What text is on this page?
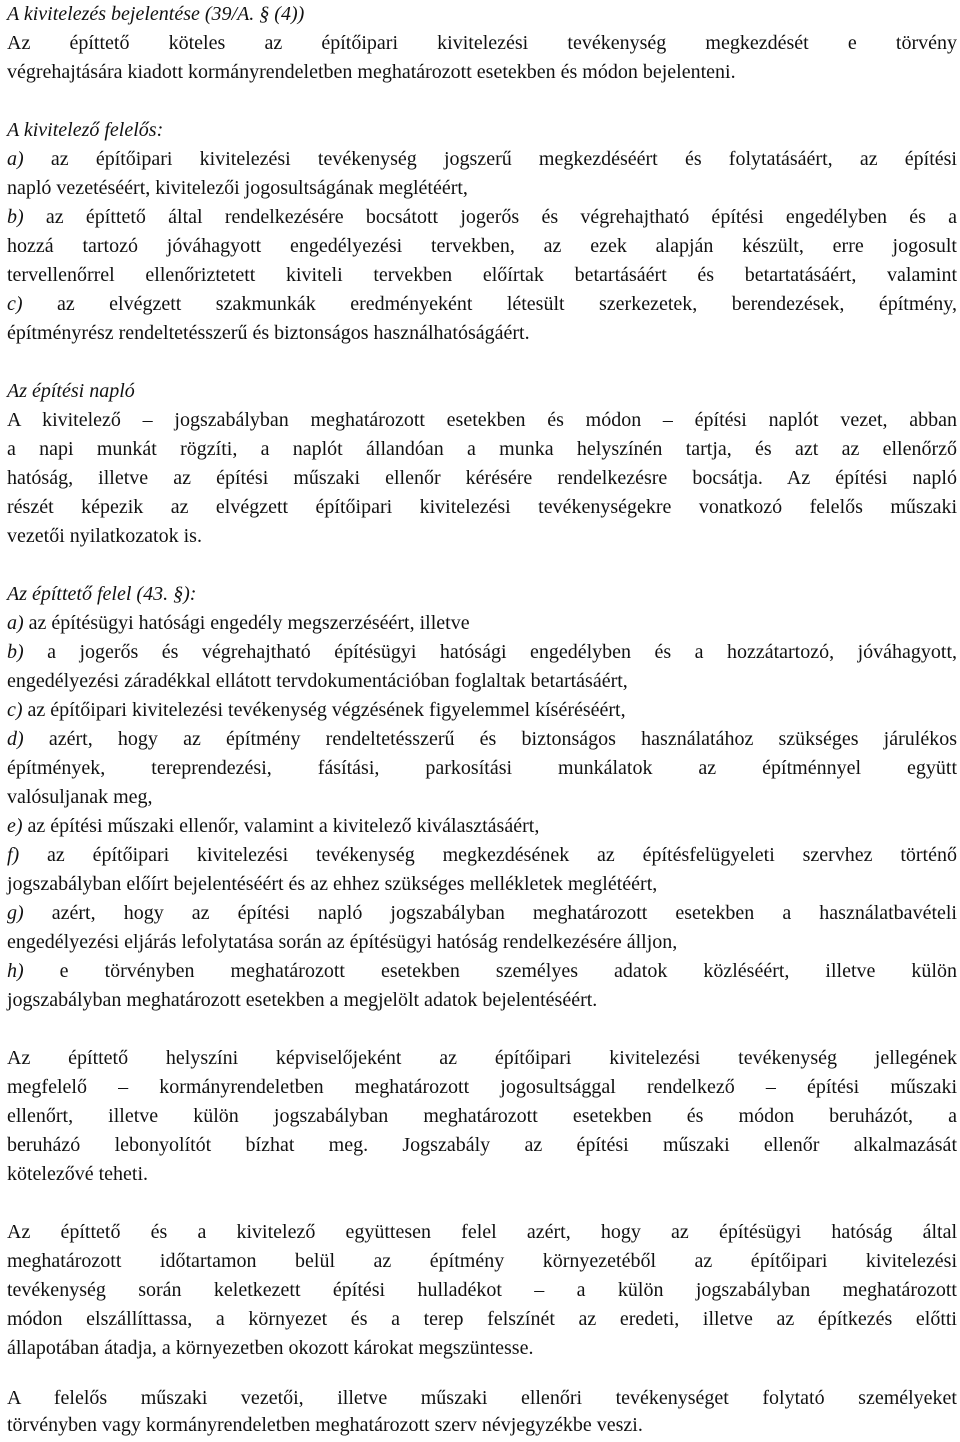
A kivitelezés bejelentése (39/A. § (4))
Az építtető köteles az építőipari kivitelezési tevékenység megkezdését e törvény
végrehajtására kiadott kormányrendeletben meghatározott esetekben és módon bejelenteni.
A kivitelező felelős:
a) az építőipari kivitelezési tevékenység jogszerű megkezdéséért és folytatásáért, az építési
napló vezetéséért, kivitelezői jogosultságának meglétéért,
b) az építtető által rendelkezésére bocsátott jogerős és végrehajtható építési engedélyben és a
hozzá tartozó jóváhagyott engedélyezési tervekben, az ezek alapján készült, erre jogosult
tervellenőrrel ellenőriztetett kiviteli tervekben előírtak betartásáért és betartatásáért, valamint
c) az elvégzett szakmunkák eredményeként létesült szerkezetek, berendezések, építmény,
építményrész rendeltetésszerű és biztonságos használhatóságáért.
Az építési napló
A kivitelező – jogszabályban meghatározott esetekben és módon – építési naplót vezet, abban
a napi munkát rögzíti, a naplót állandóan a munka helyszínén tartja, és azt az ellenőrző
hatóság, illetve az építési műszaki ellenőr kérésére rendelkezésre bocsátja. Az építési napló
részét képezik az elvégzett építőipari kivitelezési tevékenységekre vonatkozó felelős műszaki
vezetői nyilatkozatok is.
Az építtető felel (43. §):
a) az építésügyi hatósági engedély megszerzéséért, illetve
b) a jogerős és végrehajtható építésügyi hatósági engedélyben és a hozzátartozó, jóváhagyott,
engedélyezési záradékkal ellátott tervdokumentációban foglaltak betartásáért,
c) az építőipari kivitelezési tevékenység végzésének figyelemmel kíséréséért,
d) azért, hogy az építmény rendeltetésszerű és biztonságos használatához szükséges járulékos
építmények, tereprendezési, fásítási, parkosítási munkálatok az építménnyel együtt
valósuljanak meg,
e) az építési műszaki ellenőr, valamint a kivitelező kiválasztásáért,
f) az építőipari kivitelezési tevékenység megkezdésének az építésfelügyeleti szervhez történő
jogszabályban előírt bejelentéséért és az ehhez szükséges mellékletek meglétéért,
g) azért, hogy az építési napló jogszabályban meghatározott esetekben a használatbavételi
engedélyezési eljárás lefolytatása során az építésügyi hatóság rendelkezésére álljon,
h) e törvényben meghatározott esetekben személyes adatok közléséért, illetve külön
jogszabályban meghatározott esetekben a megjelölt adatok bejelentéséért.
Az építtető helyszíni képviselőjeként az építőipari kivitelezési tevékenység jellegének
megfelelő – kormányrendeletben meghatározott jogosultsággal rendelkező – építési műszaki
ellenőrt, illetve külön jogszabályban meghatározott esetekben és módon beruházót, a
beruházó lebonyolítót bízhat meg. Jogszabály az építési műszaki ellenőr alkalmazását
kötelezővé teheti.
Az építtető és a kivitelező együttesen felel azért, hogy az építésügyi hatóság által
meghatározott időtartamon belül az építmény környezetéből az építőipari kivitelezési
tevékenység során keletkezett építési hulladékot – a külön jogszabályban meghatározott
módon elszállíttassa, a környezet és a terep felszínét az eredeti, illetve az építkezés előtti
állapotában átadja, a környezetben okozott károkat megszüntesse.
A felelős műszaki vezetői, illetve műszaki ellenőri tevékenységet folytató személyeket
törvényben vagy kormányrendeletben meghatározott szerv névjegyzékbe veszi.
